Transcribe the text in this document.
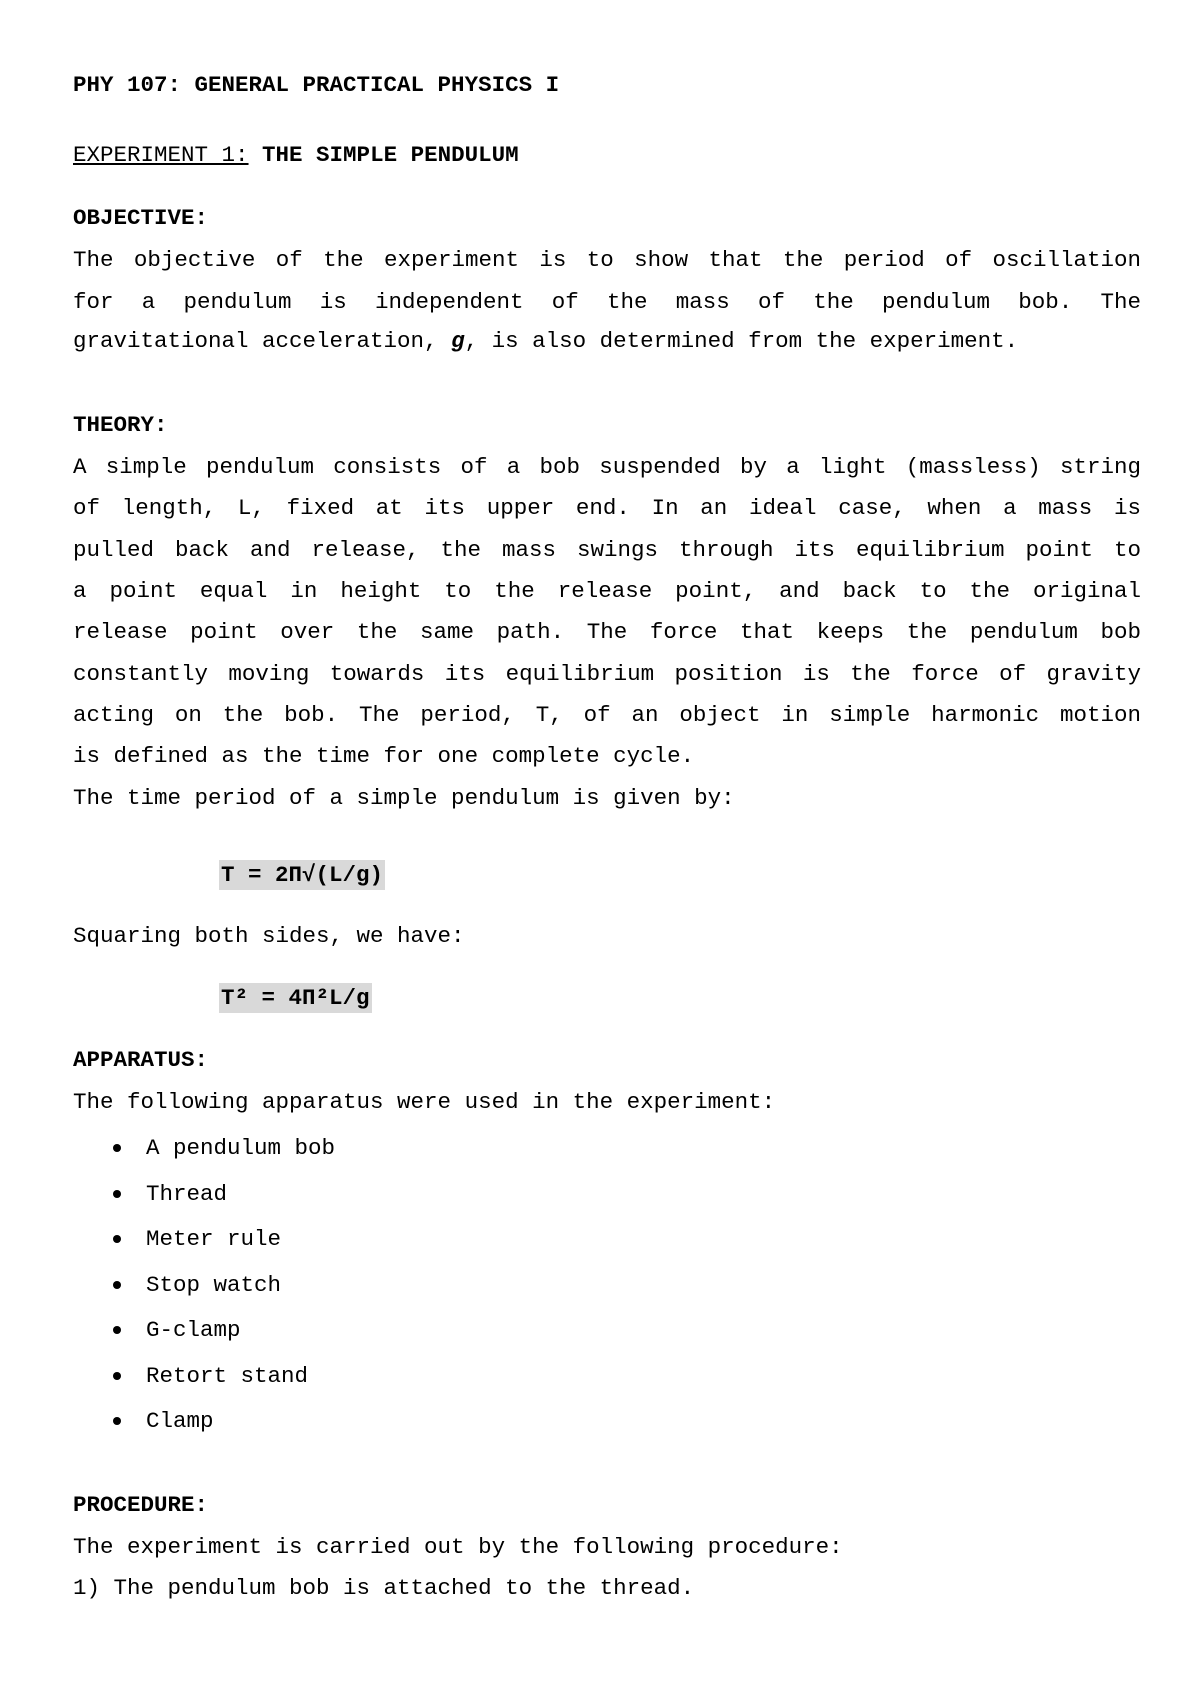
PHY 107: GENERAL PRACTICAL PHYSICS I
EXPERIMENT 1: THE SIMPLE PENDULUM
OBJECTIVE:
The objective of the experiment is to show that the period of oscillation
for a pendulum is independent of the mass of the pendulum bob. The
gravitational acceleration, g, is also determined from the experiment.
THEORY:
A simple pendulum consists of a bob suspended by a light (massless) string
of length, L, fixed at its upper end. In an ideal case, when a mass is
pulled back and release, the mass swings through its equilibrium point to
a point equal in height to the release point, and back to the original
release point over the same path. The force that keeps the pendulum bob
constantly moving towards its equilibrium position is the force of gravity
acting on the bob. The period, T, of an object in simple harmonic motion
is defined as the time for one complete cycle.
The time period of a simple pendulum is given by:
T = 2Π√(L/g)
Squaring both sides, we have:
T² = 4Π²L/g
APPARATUS:
The following apparatus were used in the experiment:
A pendulum bob
Thread
Meter rule
Stop watch
G-clamp
Retort stand
Clamp
PROCEDURE:
The experiment is carried out by the following procedure:
1) The pendulum bob is attached to the thread.
